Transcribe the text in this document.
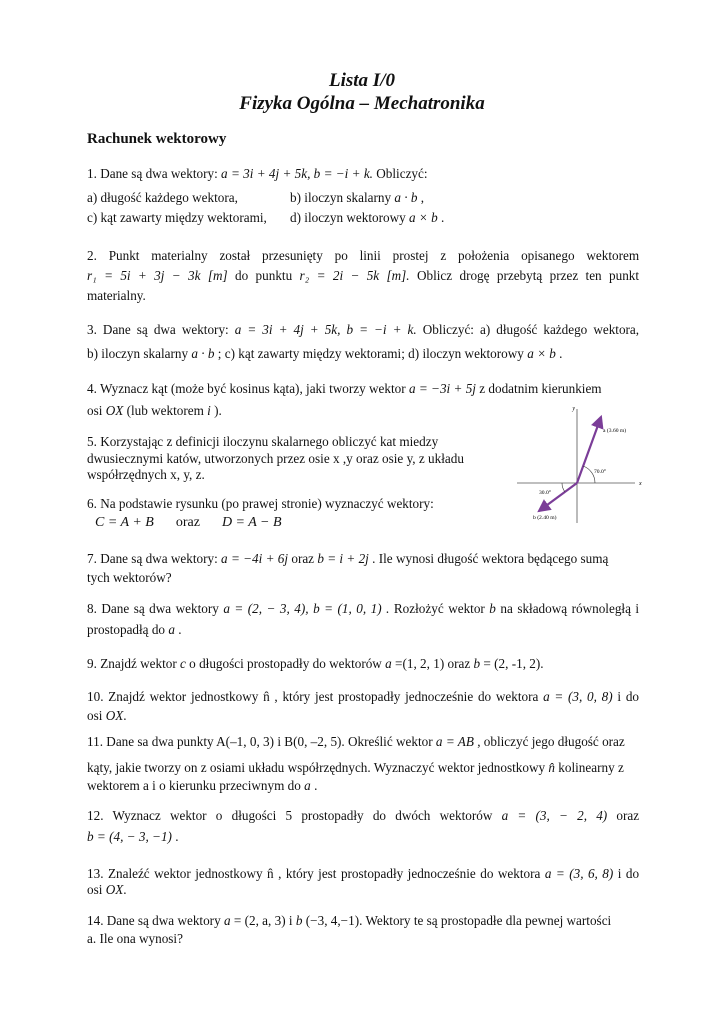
Lista I/0
Fizyka Ogólna – Mechatronika
Rachunek wektorowy
1. Dane są dwa wektory: a = 3i + 4j + 5k, b = −i + k. Obliczyć:
a) długość każdego wektora,	b) iloczyn skalarny a · b ,
c) kąt zawarty między wektorami, d) iloczyn wektorowy a × b .
2. Punkt materialny został przesunięty po linii prostej z położenia opisanego wektorem
r₁ = 5i + 3j − 3k [m] do punktu r₂ = 2i − 5k [m]. Oblicz drogę przebytą przez ten punkt
materialny.
3. Dane są dwa wektory: a = 3i + 4j + 5k, b = −i + k. Obliczyć: a) długość każdego wektora,
b) iloczyn skalarny a · b ; c) kąt zawarty między wektorami; d) iloczyn wektorowy a × b .
4. Wyznacz kąt (może być kosinus kąta), jaki tworzy wektor a = −3i + 5j z dodatnim kierunkiem
osi OX (lub wektorem i ).
5. Korzystając z definicji iloczynu skalarnego obliczyć kat miedzy
dwusiecznymi katów, utworzonych przez osie x ,y oraz osie y, z układu
współrzędnych x, y, z.
6. Na podstawie rysunku (po prawej stronie) wyznaczyć wektory:
C = A + B oraz D = A − B
y
x
a (3.60 m)
70.0°
b (2.40 m)
30.0°
7. Dane są dwa wektory: a = −4i + 6j oraz b = i + 2j . Ile wynosi długość wektora będącego sumą
tych wektorów?
8. Dane są dwa wektory a = (2, − 3, 4), b = (1, 0, 1) . Rozłożyć wektor b na składową równoległą i
prostopadłą do a .
9. Znajdź wektor c o długości prostopadły do wektorów a =(1, 2, 1) oraz b = (2, -1, 2).
10. Znajdź wektor jednostkowy n̂ , który jest prostopadły jednocześnie do wektora a = (3, 0, 8) i do
osi OX.
11. Dane sa dwa punkty A(–1, 0, 3) i B(0, –2, 5). Określić wektor a = AB , obliczyć jego długość oraz
kąty, jakie tworzy on z osiami układu współrzędnych. Wyznaczyć wektor jednostkowy n̂ kolinearny z
wektorem a i o kierunku przeciwnym do a .
12. Wyznacz wektor o długości 5 prostopadły do dwóch wektorów a = (3, − 2, 4) oraz
b = (4, − 3, −1) .
13. Znaleźć wektor jednostkowy n̂ , który jest prostopadły jednocześnie do wektora a = (3, 6, 8) i do
osi OX.
14. Dane są dwa wektory a = (2, a, 3) i b (−3, 4,−1). Wektory te są prostopadłe dla pewnej wartości
a. Ile ona wynosi?
